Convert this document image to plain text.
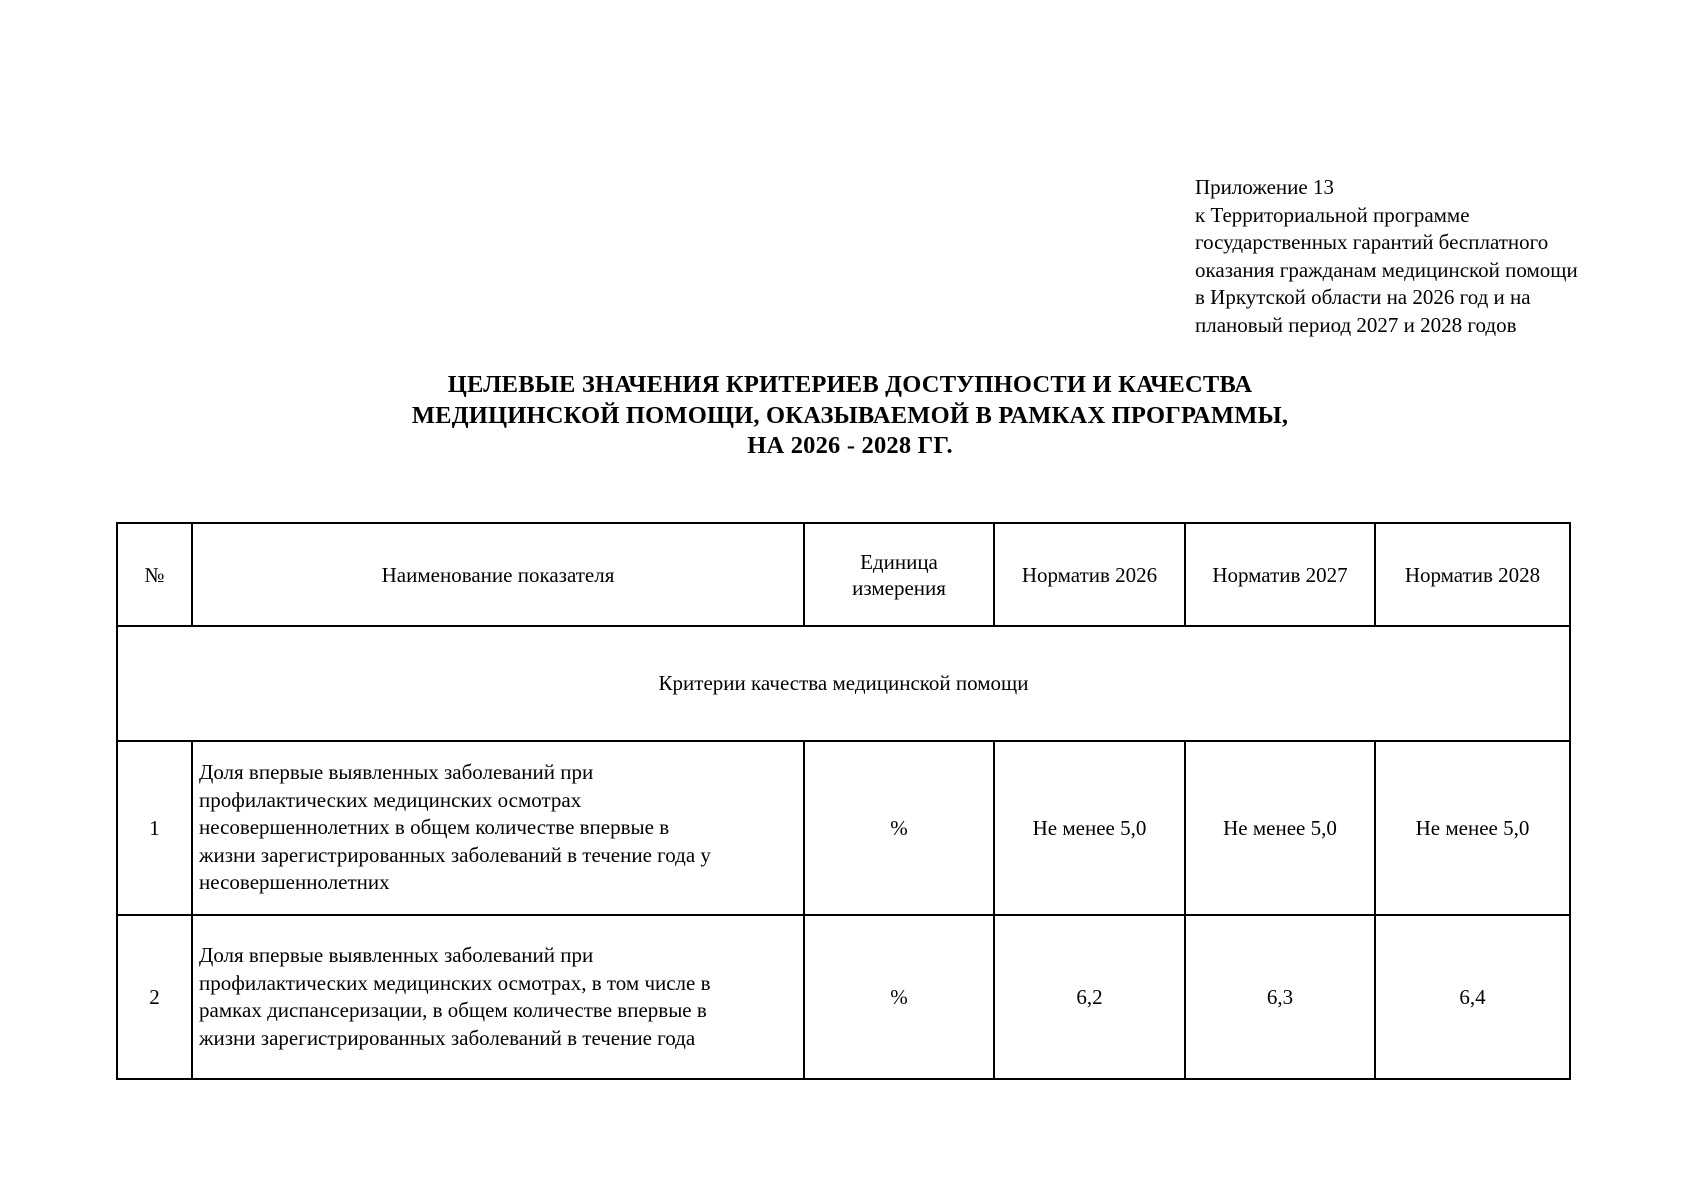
Приложение 13
к Территориальной программе
государственных гарантий бесплатного
оказания гражданам медицинской помощи
в Иркутской области на 2026 год и на
плановый период 2027 и 2028 годов
ЦЕЛЕВЫЕ ЗНАЧЕНИЯ КРИТЕРИЕВ ДОСТУПНОСТИ И КАЧЕСТВА
МЕДИЦИНСКОЙ ПОМОЩИ, ОКАЗЫВАЕМОЙ В РАМКАХ ПРОГРАММЫ,
НА 2026 - 2028 ГГ.
№	Наименование показателя	Единица
измерения	Норматив 2026	Норматив 2027	Норматив 2028
Критерии качества медицинской помощи					
1	Доля впервые выявленных заболеваний при
профилактических медицинских осмотрах
несовершеннолетних в общем количестве впервые в
жизни зарегистрированных заболеваний в течение года у
несовершеннолетних	%	Не менее 5,0	Не менее 5,0	Не менее 5,0
2	Доля впервые выявленных заболеваний при
профилактических медицинских осмотрах, в том числе в
рамках диспансеризации, в общем количестве впервые в
жизни зарегистрированных заболеваний в течение года	%	6,2	6,3	6,4
